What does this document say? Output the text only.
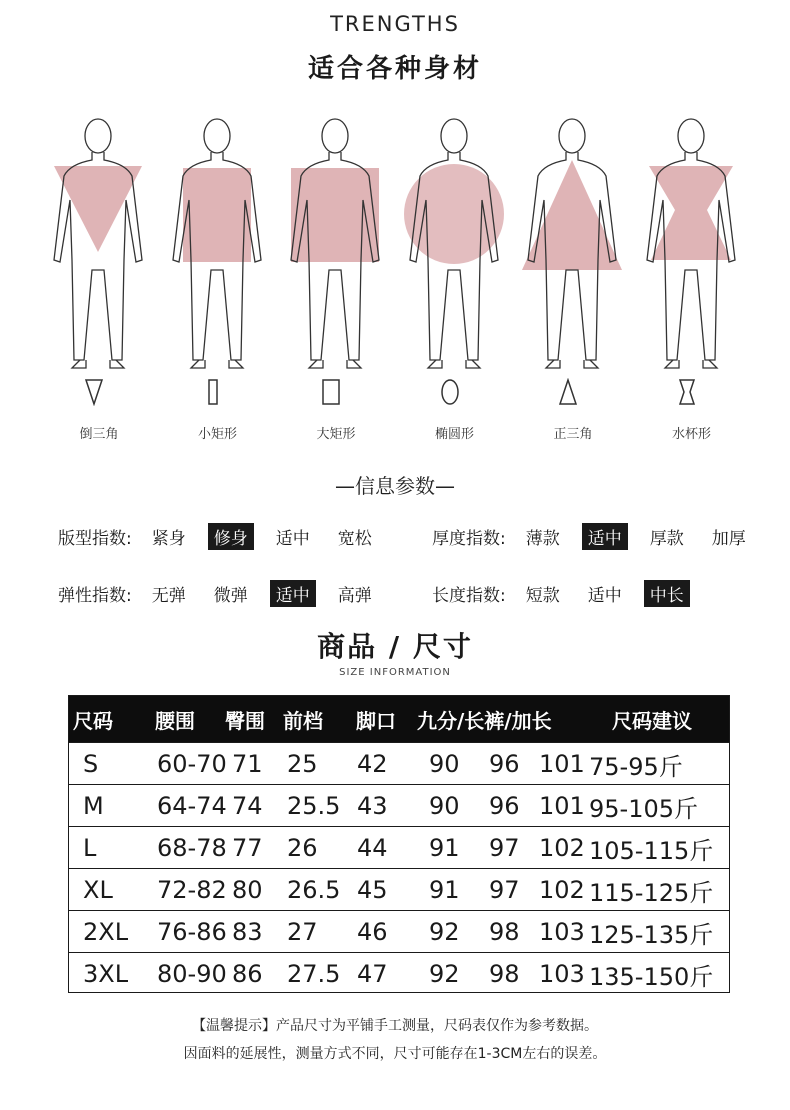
TRENGTHS
适合各种身材
倒三角	小矩形	大矩形	椭圆形	正三角	水杯形
—信息参数—
版型指数:	紧身	修身	适中	宽松	厚度指数:	薄款	适中	厚款	加厚
弹性指数:	无弹	微弹	适中	高弹	长度指数:	短款	适中	中长
商品 / 尺寸
SIZE INFORMATION
尺码 腰围 臀围 前档 脚口 九分/长裤/加长	尺码建议
S 60-70 71 25 42 90 96 101 75-95斤
M 64-74 74 25.5 43 90 96 101 95-105斤
L	68-78 77 26 44 91 97 102 105-115斤
XL 72-82 80 26.5 45 91 97 102 115-125斤
2XL 76-86 83 27 46 92 98 103 125-135斤
3XL 80-90 86 27.5 47 92 98 103 135-150斤
【温馨提示】产品尺寸为平铺手工测量，尺码表仅作为参考数据。
因面料的延展性，测量方式不同，尺寸可能存在1-3CM左右的误差。
